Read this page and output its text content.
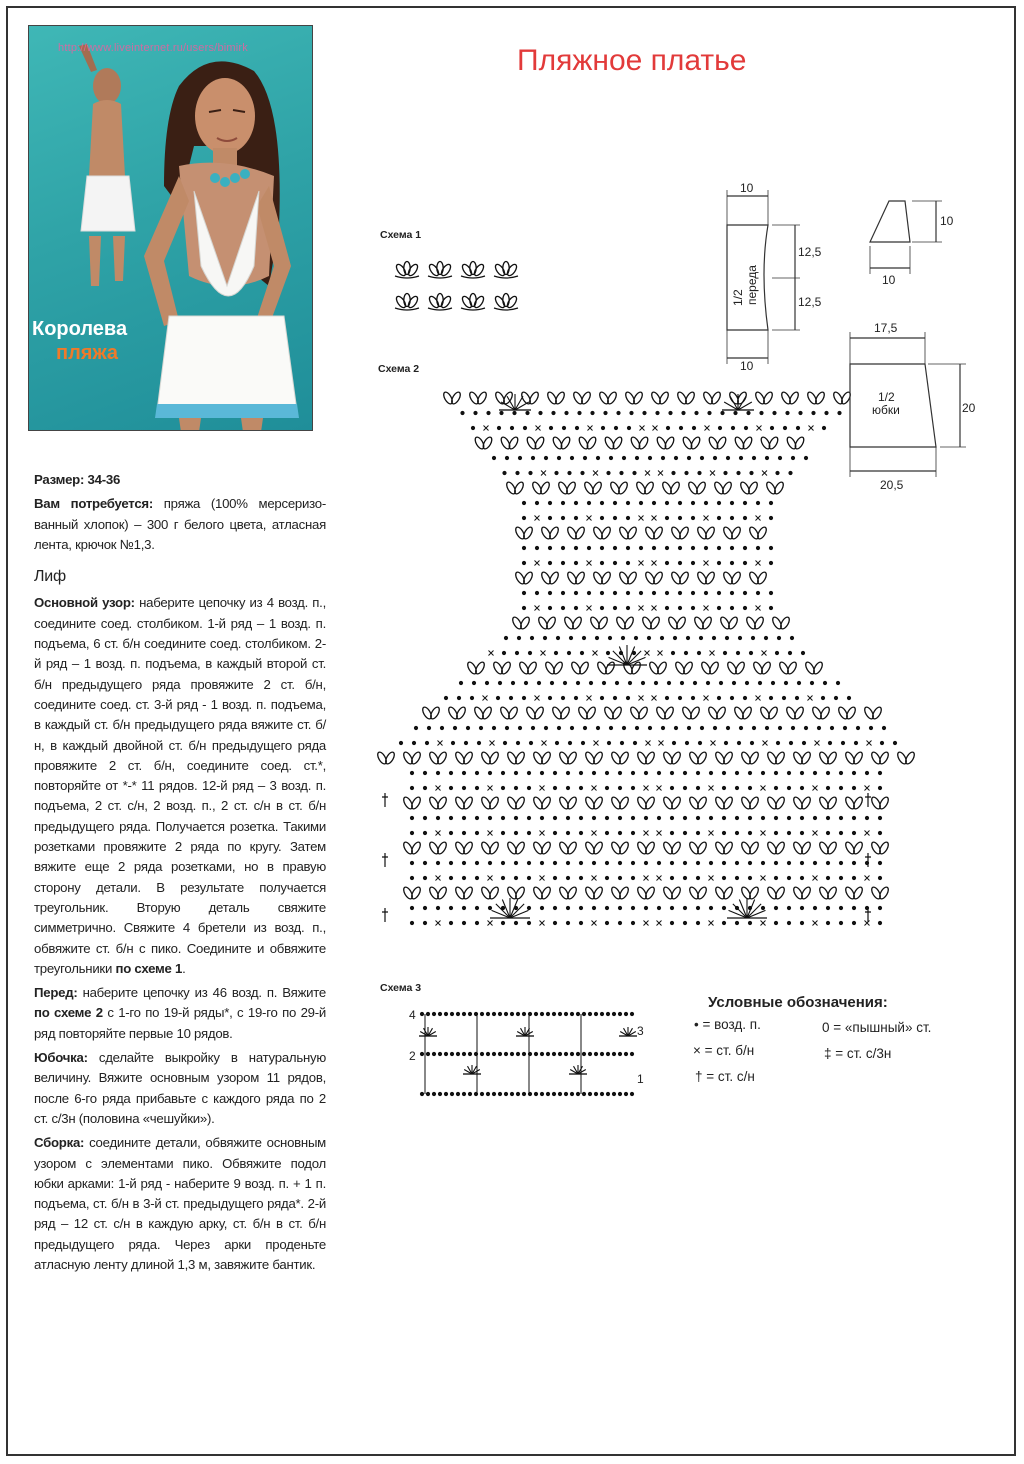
http://www.liveinternet.ru/users/bimirk
Королева
пляжа
Пляжное платье

Размер: 34-36

Вам потребуется: пряжа (100% мерсеризо-ванный хлопок) – 300 г белого цвета, атласная лента, крючок №1,3.

Лиф

Основной узор: наберите цепочку из 4 возд. п., соедините соед. столбиком. 1-й ряд – 1 возд. п. подъема, 6 ст. б/н соедините соед. столбиком. 2-й ряд – 1 возд. п. подъема, в каждый второй ст. б/н предыдущего ряда провяжите 2 ст. б/н, соедините соед. ст. 3-й ряд - 1 возд. п. подъема, в каждый ст. б/н предыдущего ряда вяжите ст. б/н, в каждый двойной ст. б/н предыдущего ряда провяжите 2 ст. б/н, соедините соед. ст.*, повторяйте от *-* 11 рядов. 12-й ряд – 3 возд. п. подъема, 2 ст. с/н, 2 возд. п., 2 ст. с/н в ст. б/н предыдущего ряда. Получается розетка. Такими розетками провяжите 2 ряда по кругу. Затем вяжите еще 2 ряда розетками, но в правую сторону детали. В результате получается треугольник. Вторую деталь свяжите симметрично. Свяжите 4 бретели из возд. п., обвяжите ст. б/н с пико. Соедините и обвяжите треугольники по схеме 1.

Перед: наберите цепочку из 46 возд. п. Вяжите по схеме 2 с 1-го по 19-й ряды*, с 19-го по 29-й ряд повторяйте первые 10 рядов.

Юбочка: сделайте выкройку в натуральную величину. Вяжите основным узором 11 рядов, после 6-го ряда прибавьте с каждого ряда по 2 ст. с/3н (половина «чешуйки»).

Сборка: соедините детали, обвяжите основным узором с элементами пико. Обвяжите подол юбки арками: 1-й ряд - наберите 9 возд. п. + 1 п. подъема, ст. б/н в 3-й ст. предыдущего ряда*. 2-й ряд – 12 ст. с/н в каждую арку, ст. б/н в ст. б/н предыдущего ряда. Через арки проденьте атласную ленту длиной 1,3 м, завяжите бантик.

Схема 1
Схема 2
Схема 3
4
3
2
1
10
12,5
12,5
10
1/2 переда
10
10
17,5
20
20,5
1/2
юбки
Условные обозначения:
• = возд. п.
× = ст. б/н
† = ст. с/н
0 = «пышный» ст.
‡ = ст. с/3н
